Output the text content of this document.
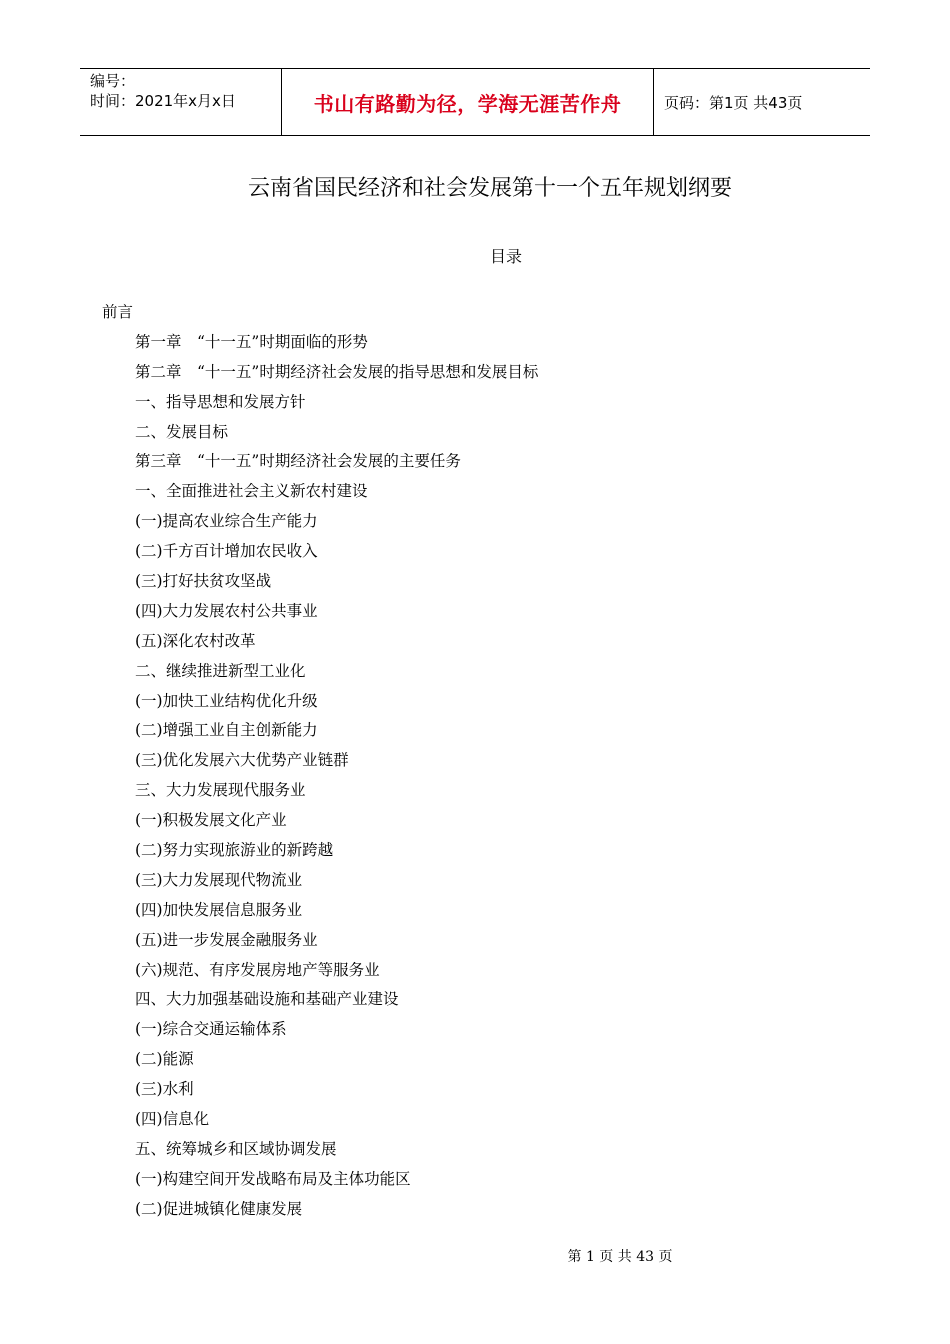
编号：
时间：2021年x月x日	书山有路勤为径，学海无涯苦作舟	页码：第1页 共43页
云南省国民经济和社会发展第十一个五年规划纲要
目录
前言
第一章　“十一五”时期面临的形势
第二章　“十一五”时期经济社会发展的指导思想和发展目标
一、指导思想和发展方针
二、发展目标
第三章　“十一五”时期经济社会发展的主要任务
一、全面推进社会主义新农村建设
(一)提高农业综合生产能力
(二)千方百计增加农民收入
(三)打好扶贫攻坚战
(四)大力发展农村公共事业
(五)深化农村改革
二、继续推进新型工业化
(一)加快工业结构优化升级
(二)增强工业自主创新能力
(三)优化发展六大优势产业链群
三、大力发展现代服务业
(一)积极发展文化产业
(二)努力实现旅游业的新跨越
(三)大力发展现代物流业
(四)加快发展信息服务业
(五)进一步发展金融服务业
(六)规范、有序发展房地产等服务业
四、大力加强基础设施和基础产业建设
(一)综合交通运输体系
(二)能源
(三)水利
(四)信息化
五、统筹城乡和区域协调发展
(一)构建空间开发战略布局及主体功能区
(二)促进城镇化健康发展
第 1 页 共 43 页
